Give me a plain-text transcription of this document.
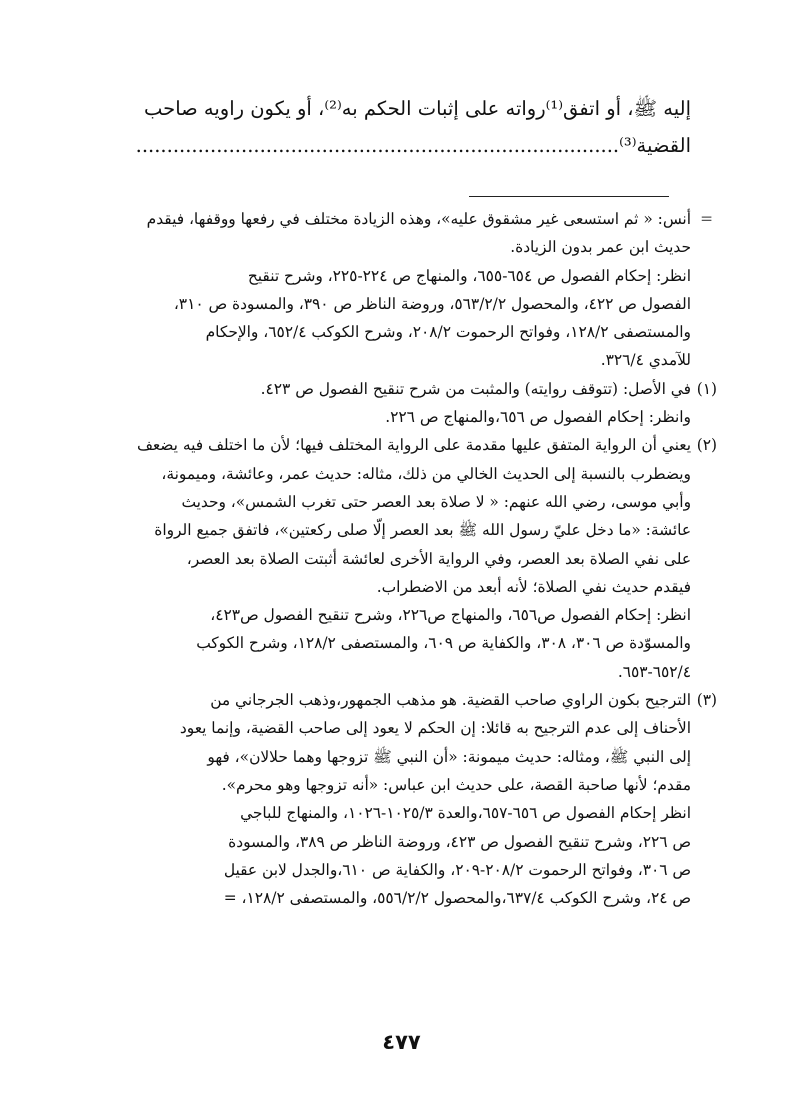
إليه ﷺ، أو اتفق⁽¹⁾رواته على إثبات الحكم به⁽²⁾، أو يكون راويه صاحب
القضية⁽³⁾..............................................................................
=

أنس: « ثم استسعى غير مشقوق عليه»، وهذه الزيادة مختلف في رفعها ووقفها، فيقدم

حديث ابن عمر بدون الزيادة.

انظر: إحكام الفصول ص ٦٥٤-٦٥٥، والمنهاج ص ٢٢٤-٢٢٥، وشرح تنقيح

الفصول ص ٤٢٢، والمحصول ٥٦٣/٢/٢، وروضة الناظر ص ٣٩٠، والمسودة ص ٣١٠،

والمستصفى ١٢٨/٢، وفواتح الرحموت ٢٠٨/٢، وشرح الكوكب ٦٥٢/٤، والإحكام

للآمدي ٣٢٦/٤.

(١)

في الأصل: (تتوقف روايته) والمثبت من شرح تنقيح الفصول ص ٤٢٣.

وانظر: إحكام الفصول ص ٦٥٦،والمنهاج ص ٢٢٦.

(٢)

يعني أن الرواية المتفق عليها مقدمة على الرواية المختلف فيها؛ لأن ما اختلف فيه يضعف

ويضطرب بالنسبة إلى الحديث الخالي من ذلك، مثاله: حديث عمر، وعائشة، وميمونة،

وأبي موسى، رضي الله عنهم: « لا صلاة بعد العصر حتى تغرب الشمس»، وحديث

عائشة: «ما دخل عليّ رسول الله ﷺ بعد العصر إلّا صلى ركعتين»، فاتفق جميع الرواة

على نفي الصلاة بعد العصر، وفي الرواية الأخرى لعائشة أثبتت الصلاة بعد العصر،

فيقدم حديث نفي الصلاة؛ لأنه أبعد من الاضطراب.

انظر: إحكام الفصول ص٦٥٦، والمنهاج ص٢٢٦، وشرح تنقيح الفصول ص٤٢٣،

والمسوّدة ص ٣٠٦، ٣٠٨، والكفاية ص ٦٠٩، والمستصفى ١٢٨/٢، وشرح الكوكب

٦٥٢/٤-٦٥٣.

(٣)

الترجيح بكون الراوي صاحب القضية. هو مذهب الجمهور،وذهب الجرجاني من

الأحناف إلى عدم الترجيح به قائلا: إن الحكم لا يعود إلى صاحب القضية، وإنما يعود

إلى النبي ﷺ، ومثاله: حديث ميمونة: «أن النبي ﷺ تزوجها وهما حلالان»، فهو

مقدم؛ لأنها صاحبة القصة، على حديث ابن عباس: «أنه تزوجها وهو محرم».

انظر إحكام الفصول ص ٦٥٦-٦٥٧،والعدة ١٠٢٥/٣-١٠٢٦، والمنهاج للباجي

ص ٢٢٦، وشرح تنقيح الفصول ص ٤٢٣، وروضة الناظر ص ٣٨٩، والمسودة

ص ٣٠٦، وفواتح الرحموت ٢٠٨/٢-٢٠٩، والكفاية ص ٦١٠،والجدل لابن عقيل

ص ٢٤، وشرح الكوكب ٦٣٧/٤،والمحصول ٥٥٦/٢/٢، والمستصفى ١٢٨/٢، =

٤٧٧
